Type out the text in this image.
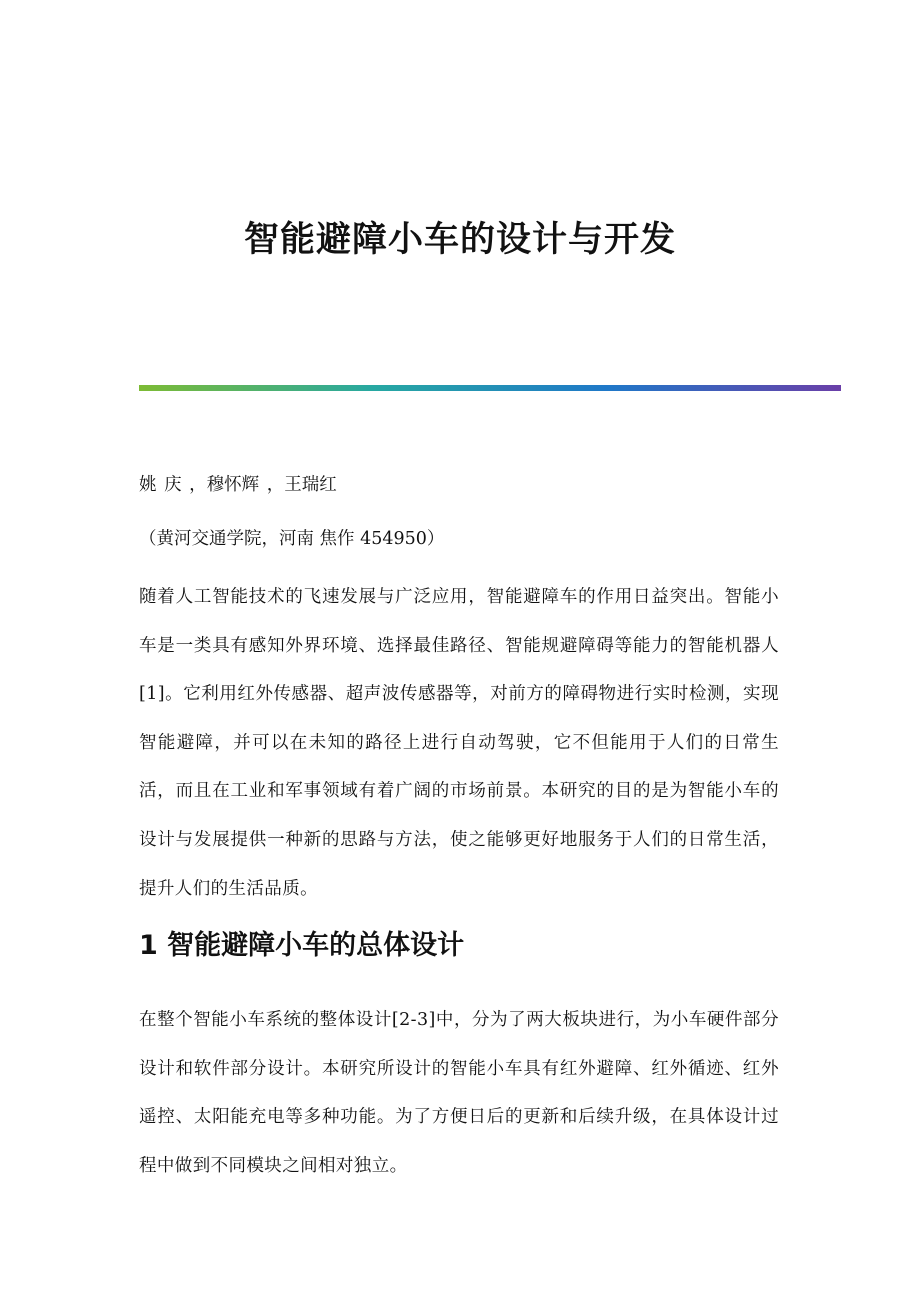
智能避障小车的设计与开发

姚 庆 ，穆怀辉 ，王瑞红

（黄河交通学院，河南 焦作 454950）

随着人工智能技术的飞速发展与广泛应用，智能避障车的作用日益突出。智能小车是一类具有感知外界环境、选择最佳路径、智能规避障碍等能力的智能机器人[1]。它利用红外传感器、超声波传感器等，对前方的障碍物进行实时检测，实现智能避障，并可以在未知的路径上进行自动驾驶，它不但能用于人们的日常生活，而且在工业和军事领域有着广阔的市场前景。本研究的目的是为智能小车的设计与发展提供一种新的思路与方法，使之能够更好地服务于人们的日常生活，提升人们的生活品质。

1 智能避障小车的总体设计

在整个智能小车系统的整体设计[2-3]中，分为了两大板块进行，为小车硬件部分设计和软件部分设计。本研究所设计的智能小车具有红外避障、红外循迹、红外遥控、太阳能充电等多种功能。为了方便日后的更新和后续升级，在具体设计过程中做到不同模块之间相对独立。
